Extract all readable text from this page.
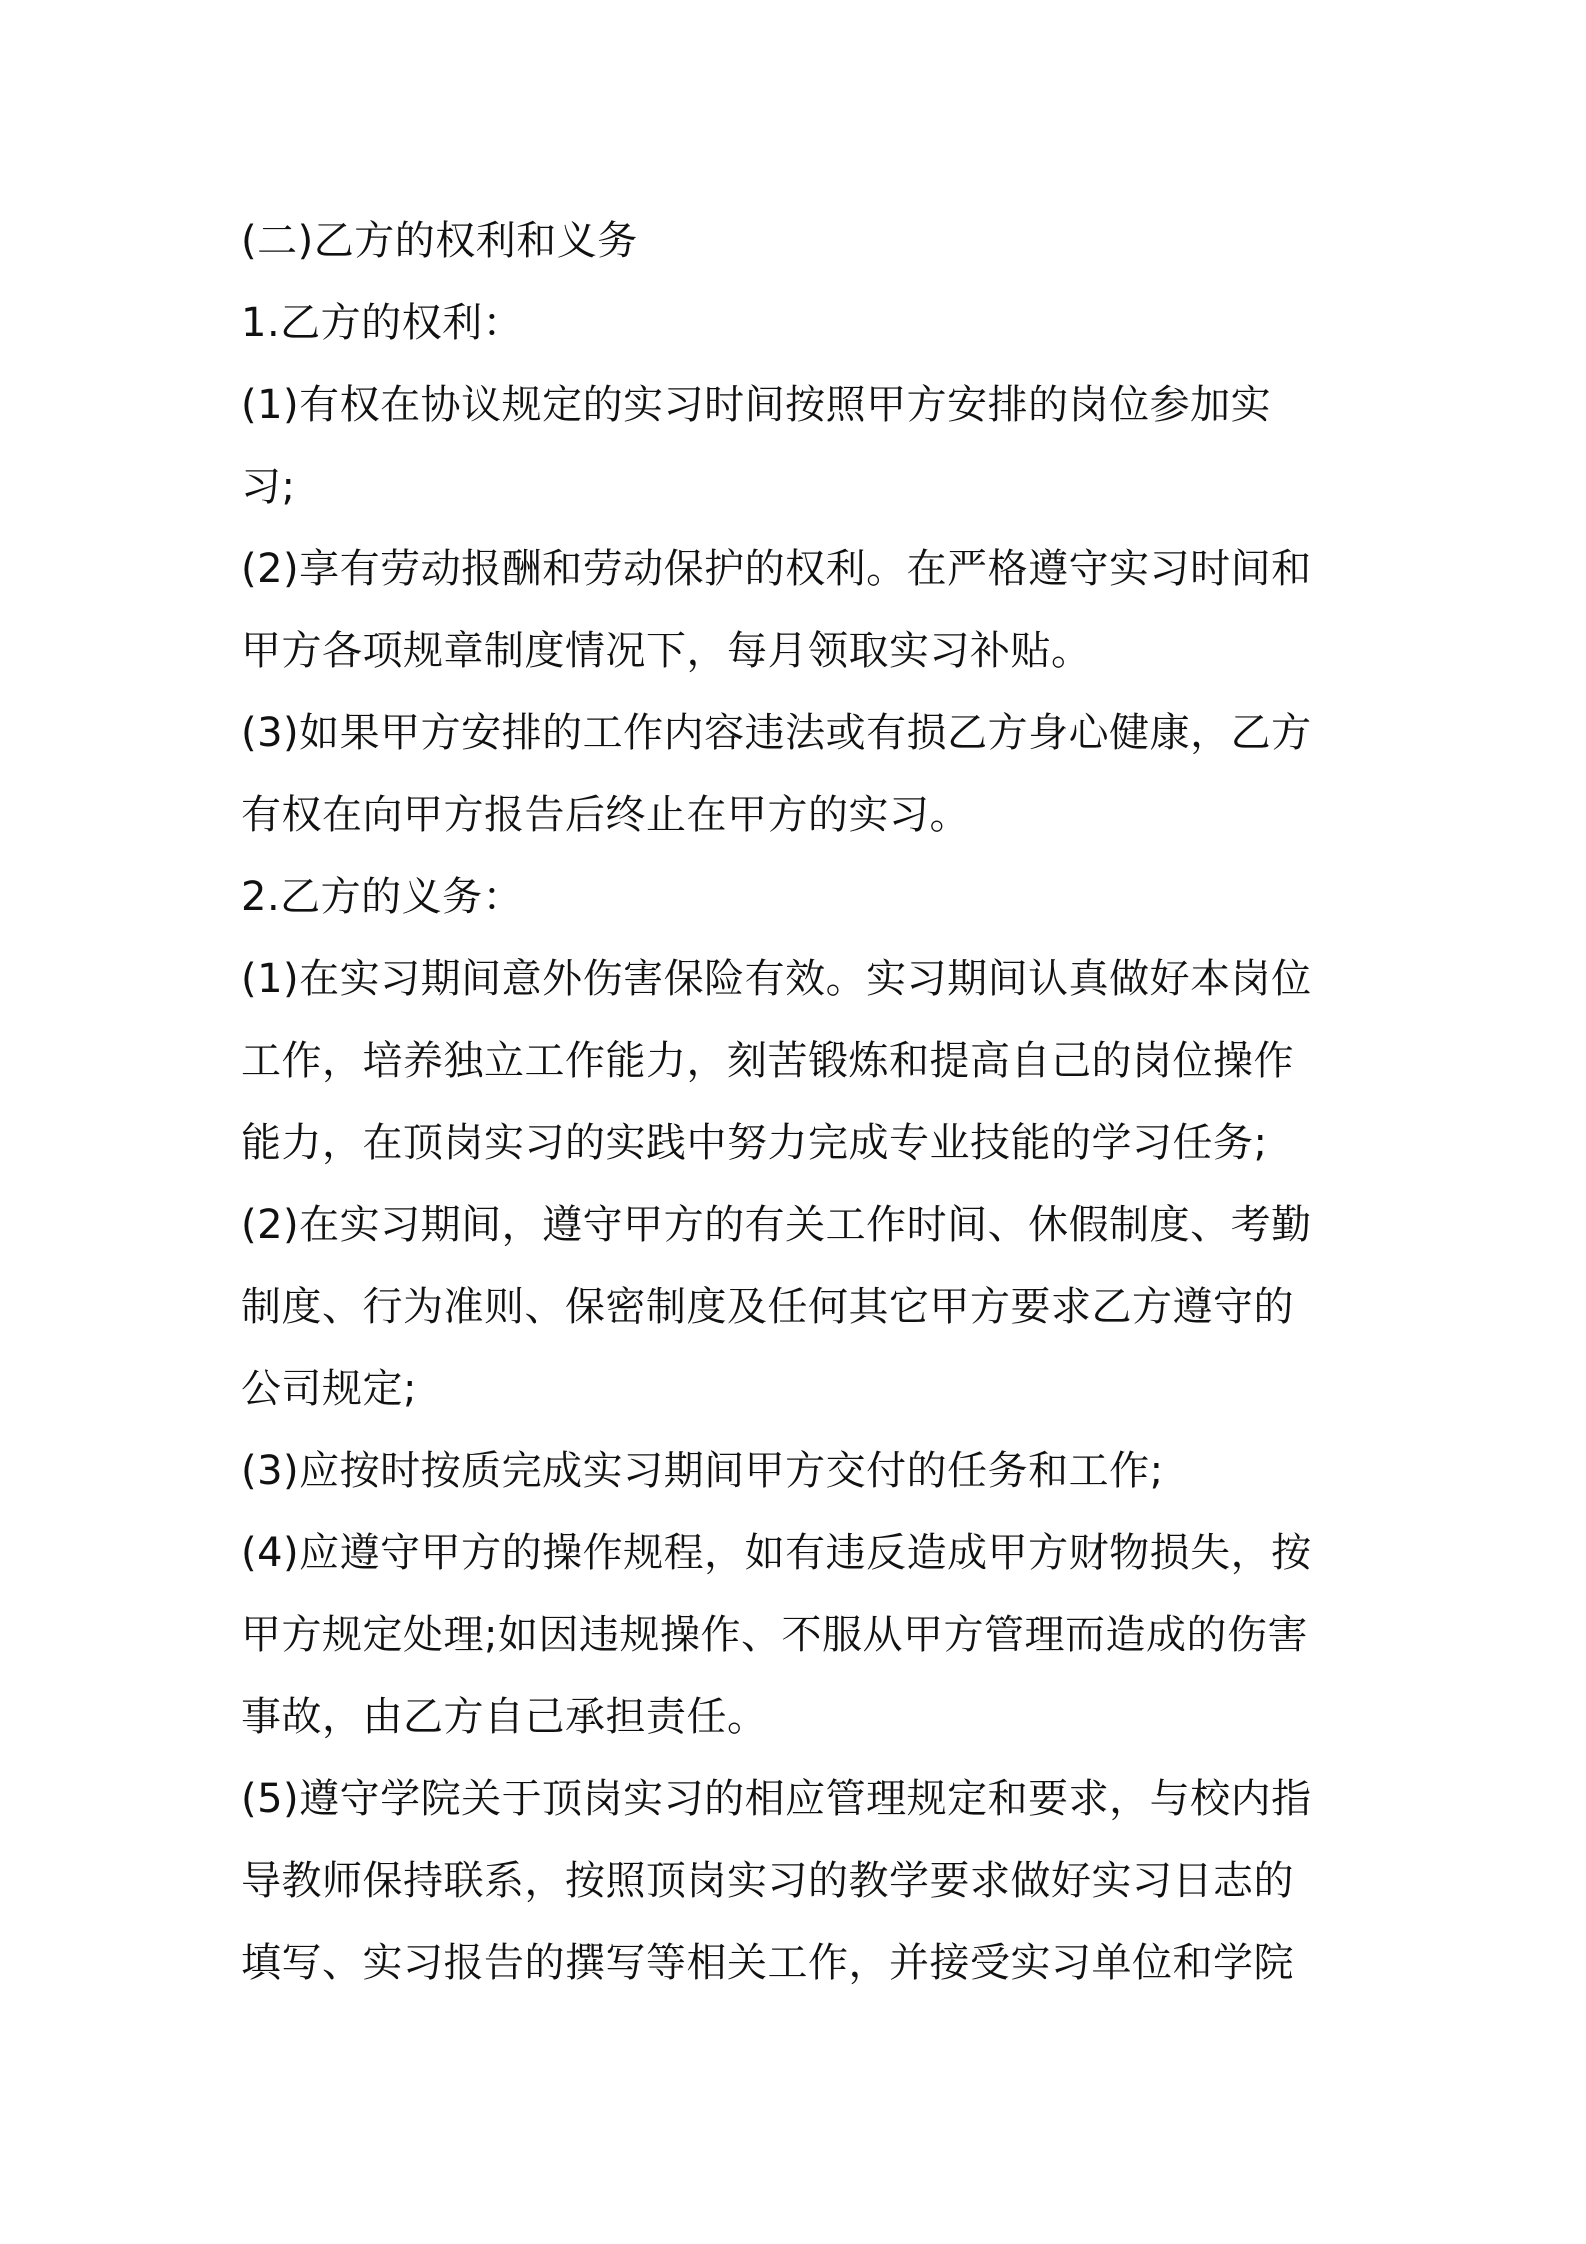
(二)乙方的权利和义务
1.乙方的权利：
(1)有权在协议规定的实习时间按照甲方安排的岗位参加实
习;
(2)享有劳动报酬和劳动保护的权利。在严格遵守实习时间和
甲方各项规章制度情况下，每月领取实习补贴。
(3)如果甲方安排的工作内容违法或有损乙方身心健康，乙方
有权在向甲方报告后终止在甲方的实习。
2.乙方的义务：
(1)在实习期间意外伤害保险有效。实习期间认真做好本岗位
工作，培养独立工作能力，刻苦锻炼和提高自己的岗位操作
能力，在顶岗实习的实践中努力完成专业技能的学习任务;
(2)在实习期间，遵守甲方的有关工作时间、休假制度、考勤
制度、行为准则、保密制度及任何其它甲方要求乙方遵守的
公司规定;
(3)应按时按质完成实习期间甲方交付的任务和工作;
(4)应遵守甲方的操作规程，如有违反造成甲方财物损失，按
甲方规定处理;如因违规操作、不服从甲方管理而造成的伤害
事故，由乙方自己承担责任。
(5)遵守学院关于顶岗实习的相应管理规定和要求，与校内指
导教师保持联系，按照顶岗实习的教学要求做好实习日志的
填写、实习报告的撰写等相关工作，并接受实习单位和学院
